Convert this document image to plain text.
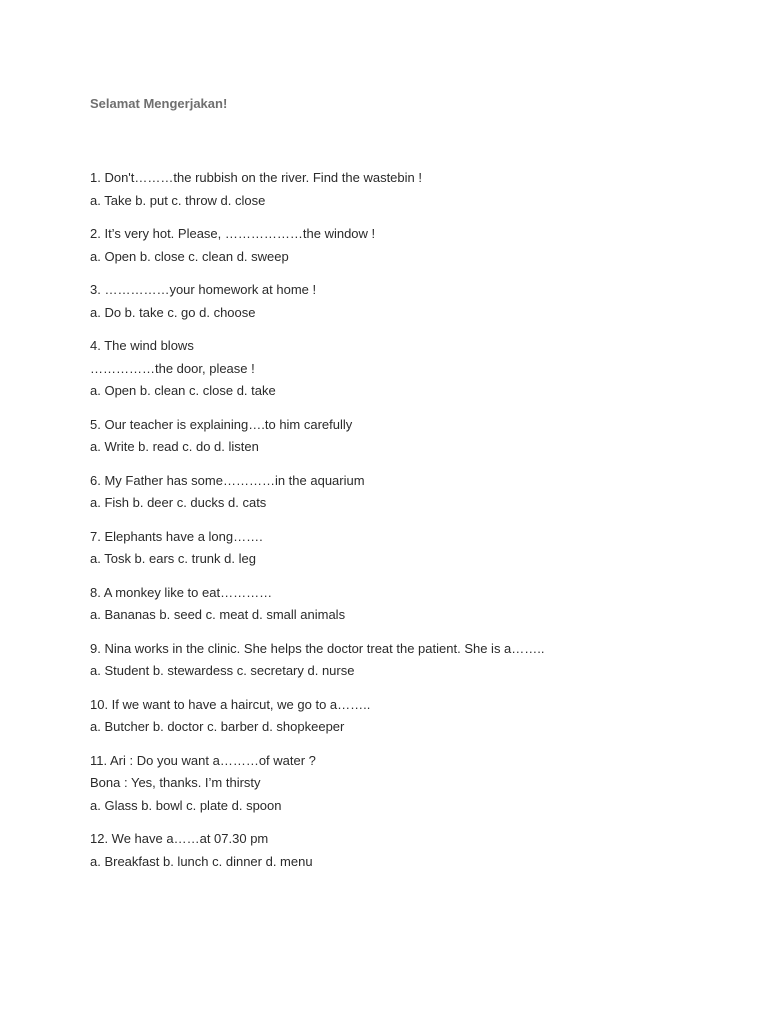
Selamat Mengerjakan!
1. Don't………the rubbish on the river. Find the wastebin !
a. Take b. put c. throw d. close
2. It’s very hot. Please, ………………the window !
a. Open b. close c. clean d. sweep
3. ……………your homework at home !
a. Do b. take c. go d. choose
4. The wind blows
……………the door, please !
a. Open b. clean c. close d. take
5. Our teacher is explaining….to him carefully
a. Write b. read c. do d. listen
6. My Father has some…………in the aquarium
a. Fish b. deer c. ducks d. cats
7. Elephants have a long…….
a. Tosk b. ears c. trunk d. leg
8. A monkey like to eat…………
a. Bananas b. seed c. meat d. small animals
9. Nina works in the clinic. She helps the doctor treat the patient. She is a……..
a. Student b. stewardess c. secretary d. nurse
10. If we want to have a haircut, we go to a……..
a. Butcher b. doctor c. barber d. shopkeeper
11. Ari : Do you want a………of water ?
Bona : Yes, thanks. I’m thirsty
a. Glass b. bowl c. plate d. spoon
12. We have a……at 07.30 pm
a. Breakfast b. lunch c. dinner d. menu
